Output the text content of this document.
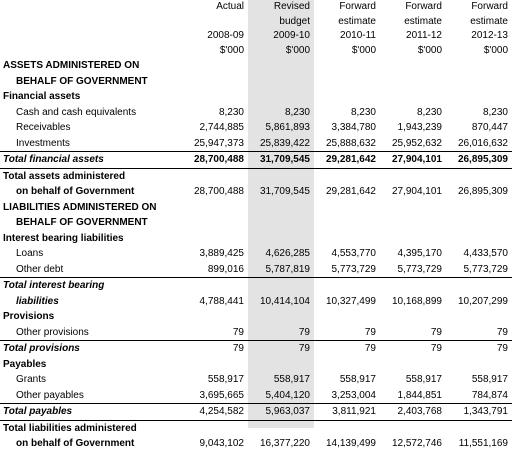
	Actual	Revised	Forward	Forward	Forward
		budget	estimate	estimate	estimate
	2008-09	2009-10	2010-11	2011-12	2012-13
	$'000	$'000	$'000	$'000	$'000
ASSETS ADMINISTERED ON					
BEHALF OF GOVERNMENT					
Financial assets					
Cash and cash equivalents	8,230	8,230	8,230	8,230	8,230
Receivables	2,744,885	5,861,893	3,384,780	1,943,239	870,447
Investments	25,947,373	25,839,422	25,888,632	25,952,632	26,016,632
Total financial assets	28,700,488	31,709,545	29,281,642	27,904,101	26,895,309
Total assets administered					
on behalf of Government	28,700,488	31,709,545	29,281,642	27,904,101	26,895,309
LIABILITIES ADMINISTERED ON					
BEHALF OF GOVERNMENT					
Interest bearing liabilities					
Loans	3,889,425	4,626,285	4,553,770	4,395,170	4,433,570
Other debt	899,016	5,787,819	5,773,729	5,773,729	5,773,729
Total interest bearing					
liabilities	4,788,441	10,414,104	10,327,499	10,168,899	10,207,299
Provisions					
Other provisions	79	79	79	79	79
Total provisions	79	79	79	79	79
Payables					
Grants	558,917	558,917	558,917	558,917	558,917
Other payables	3,695,665	5,404,120	3,253,004	1,844,851	784,874
Total payables	4,254,582	5,963,037	3,811,921	2,403,768	1,343,791
Total liabilities administered					
on behalf of Government	9,043,102	16,377,220	14,139,499	12,572,746	11,551,169
